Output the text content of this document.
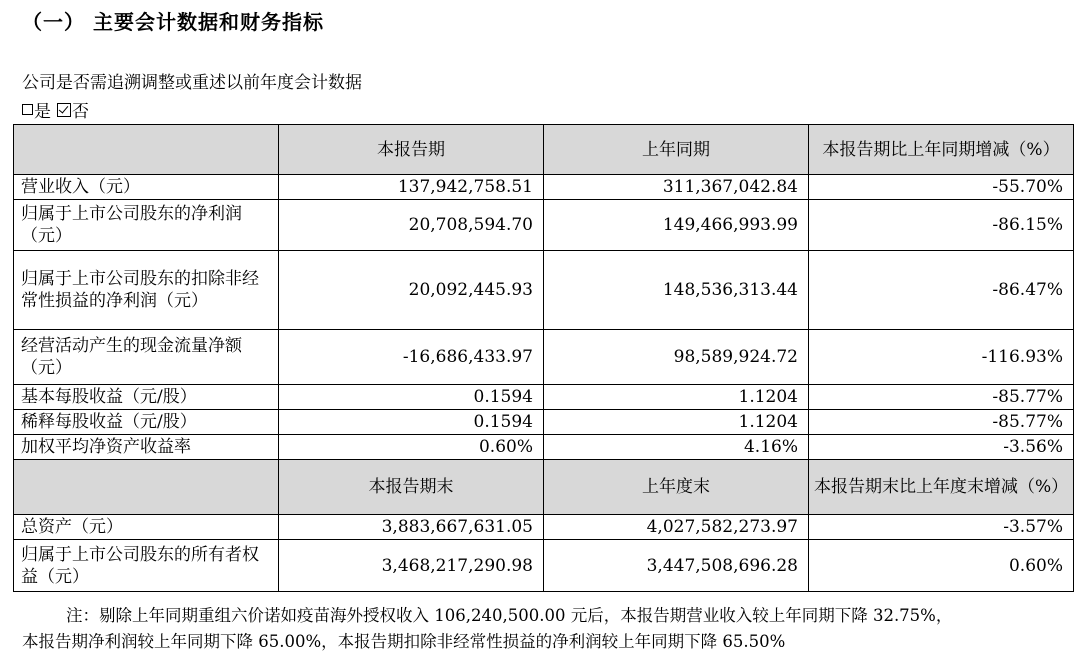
（一） 主要会计数据和财务指标
公司是否需追溯调整或重述以前年度会计数据
是 否
	本报告期	上年同期	本报告期比上年同期增减（%）
营业收入（元）	137,942,758.51	311,367,042.84	-55.70%
归属于上市公司股东的净利润（元）	20,708,594.70	149,466,993.99	-86.15%
归属于上市公司股东的扣除非经常性损益的净利润（元）	20,092,445.93	148,536,313.44	-86.47%
经营活动产生的现金流量净额（元）	-16,686,433.97	98,589,924.72	-116.93%
基本每股收益（元/股）	0.1594	1.1204	-85.77%
稀释每股收益（元/股）	0.1594	1.1204	-85.77%
加权平均净资产收益率	0.60%	4.16%	-3.56%
	本报告期末	上年度末	本报告期末比上年度末增减（%）
总资产（元）	3,883,667,631.05	4,027,582,273.97	-3.57%
归属于上市公司股东的所有者权益（元）	3,468,217,290.98	3,447,508,696.28	0.60%
注：剔除上年同期重组六价诺如疫苗海外授权收入 106,240,500.00 元后，本报告期营业收入较上年同期下降 32.75%，
本报告期净利润较上年同期下降 65.00%，本报告期扣除非经常性损益的净利润较上年同期下降 65.50%
